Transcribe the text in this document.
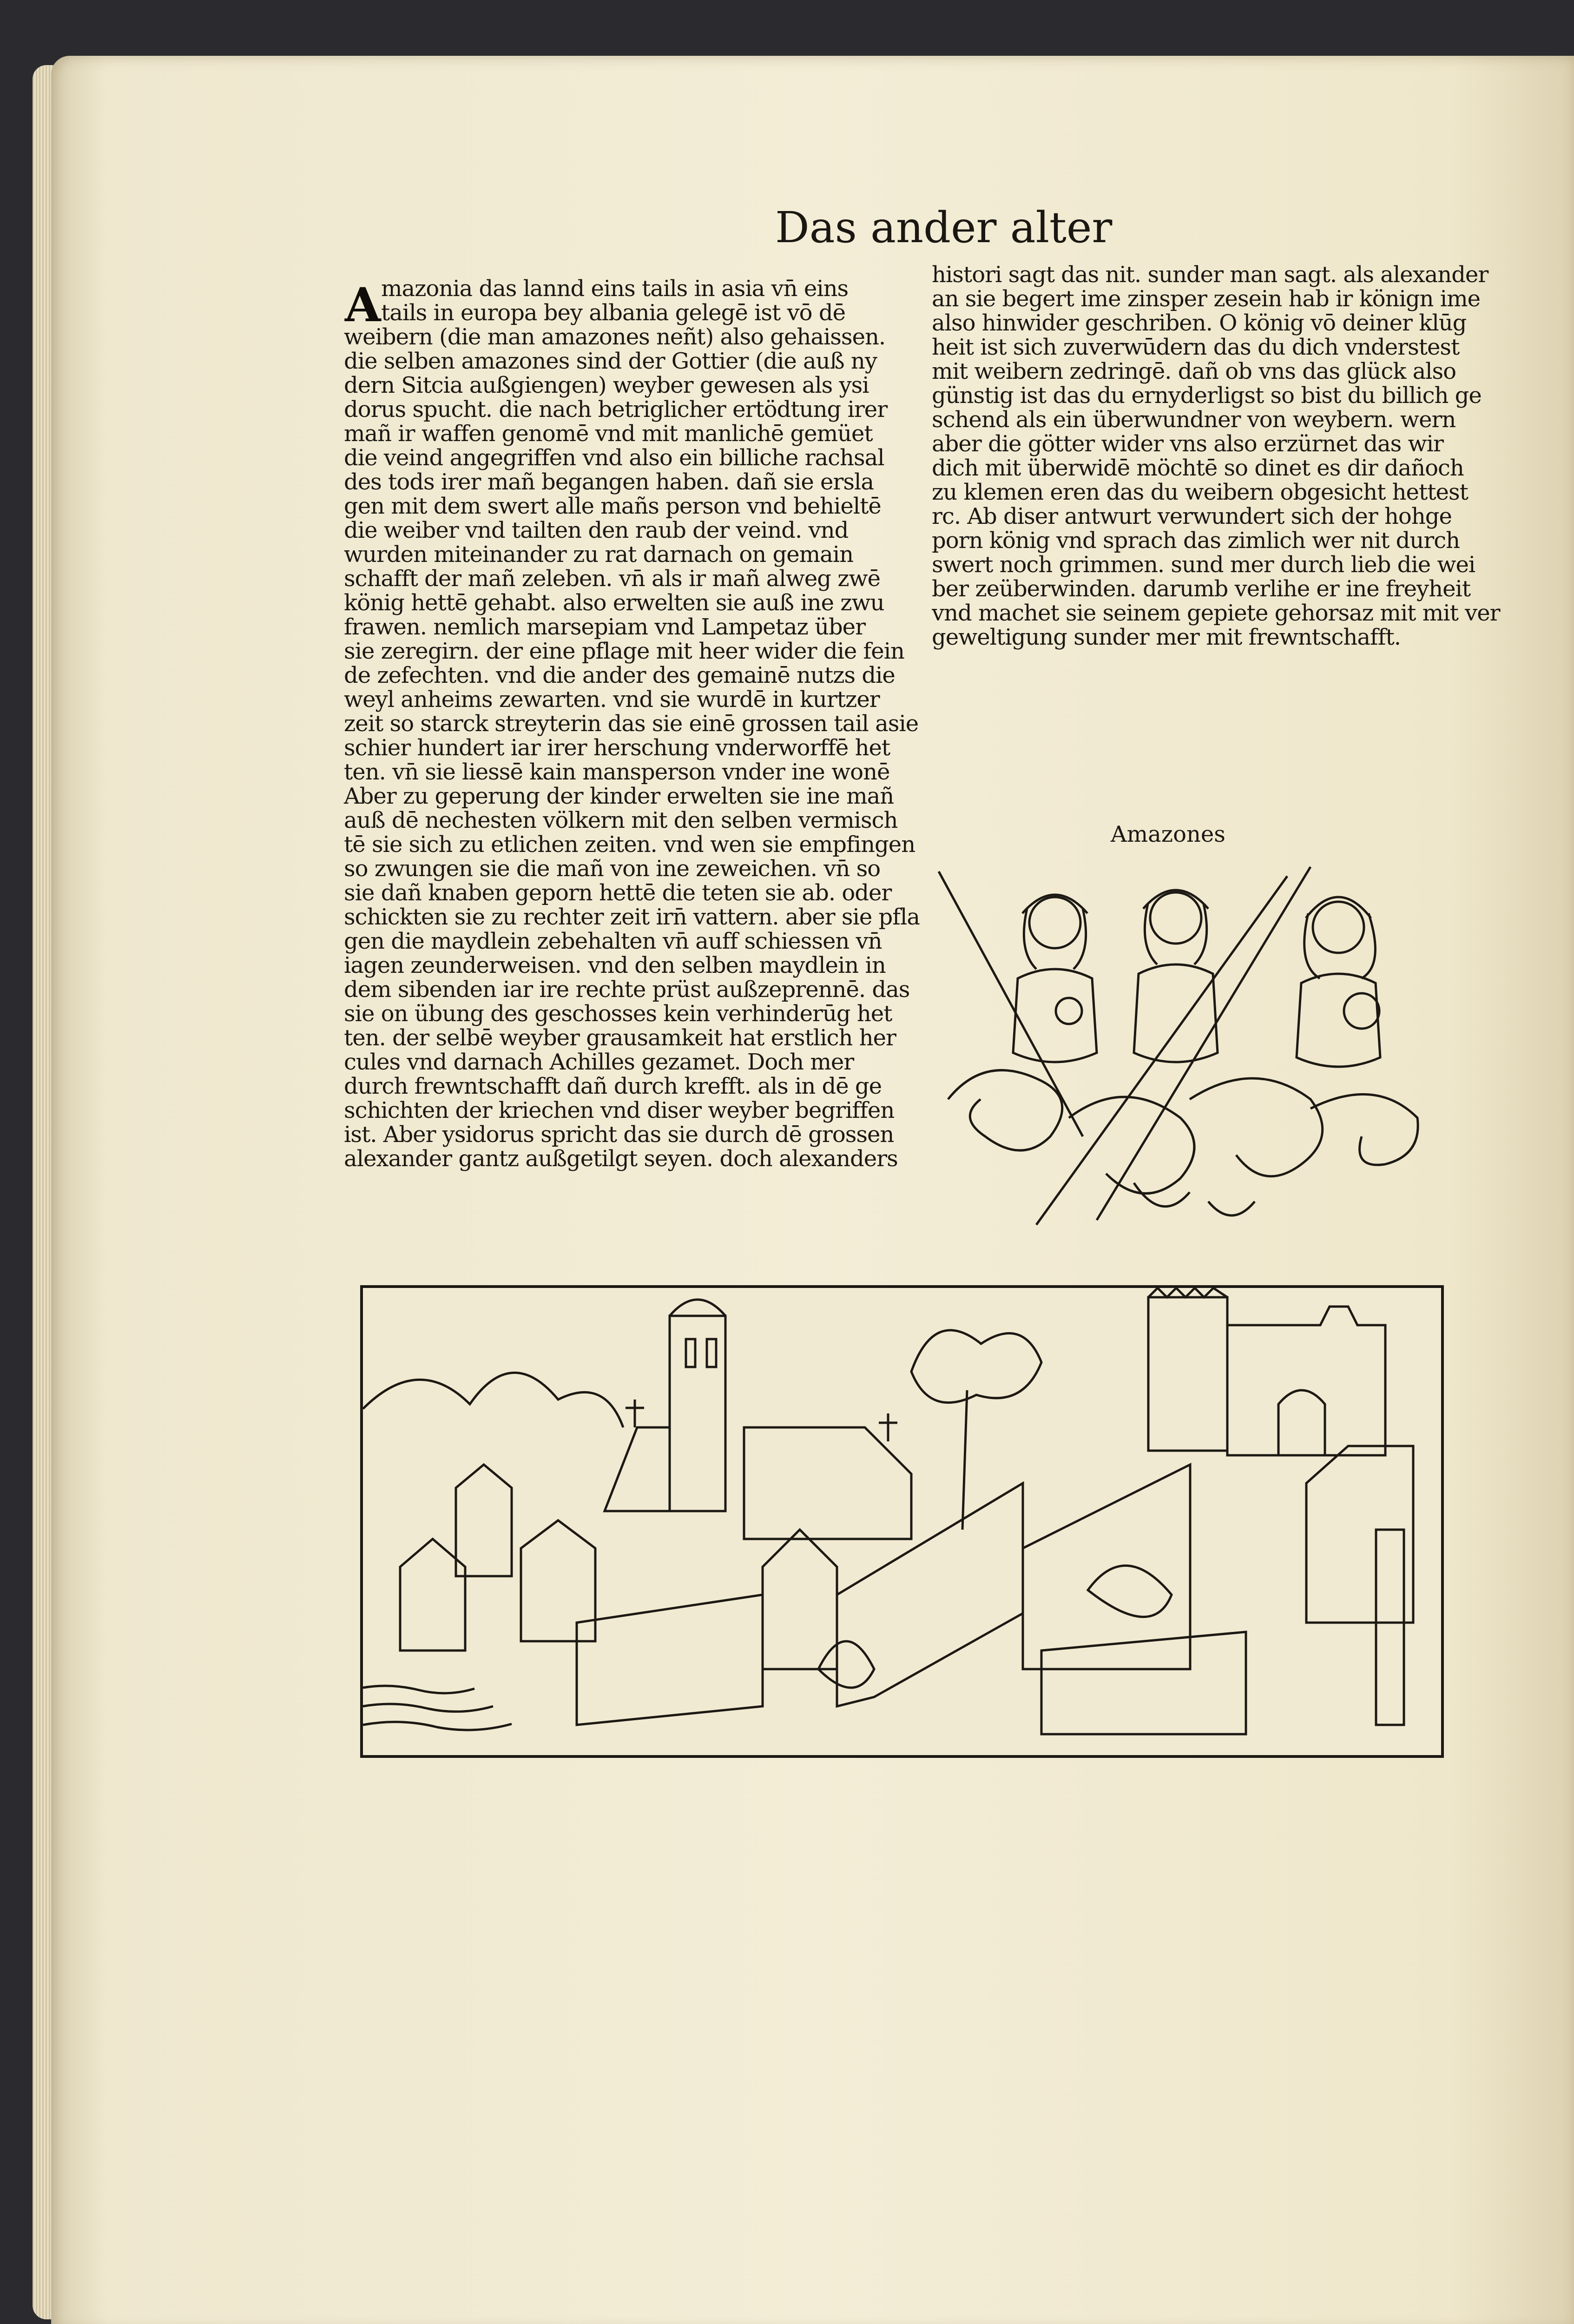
Das ander alter
A mazonia das lannd eins tails in asia vn̄ eins
tails in europa bey albania gelegē ist vō dē
weibern (die man amazones neñt) also gehaissen.
die selben amazones sind der Gottier (die auß ny
dern Sitcia außgiengen) weyber gewesen als ysi
dorus spucht. die nach betriglicher ertödtung irer
mañ ir waffen genomē vnd mit manlichē gemüet
die veind angegriffen vnd also ein billiche rachsal
des tods irer mañ begangen haben. dañ sie ersla
gen mit dem swert alle mañs person vnd behieltē
die weiber vnd tailten den raub der veind. vnd
wurden miteinander zu rat darnach on gemain
schafft der mañ zeleben. vn̄ als ir mañ alweg zwē
könig hettē gehabt. also erwelten sie auß ine zwu
frawen. nemlich marsepiam vnd Lampetaz über
sie zeregirn. der eine pflage mit heer wider die fein
de zefechten. vnd die ander des gemainē nutzs die
weyl anheims zewarten. vnd sie wurdē in kurtzer
zeit so starck streyterin das sie einē grossen tail asie
schier hundert iar irer herschung vnderworffē het
ten. vn̄ sie liessē kain mansperson vnder ine wonē
Aber zu geperung der kinder erwelten sie ine mañ
auß dē nechesten völkern mit den selben vermisch
tē sie sich zu etlichen zeiten. vnd wen sie empfingen
so zwungen sie die mañ von ine zeweichen. vn̄ so
sie dañ knaben geporn hettē die teten sie ab. oder
schickten sie zu rechter zeit irn̄ vattern. aber sie pfla
gen die maydlein zebehalten vn̄ auff schiessen vn̄
iagen zeunderweisen. vnd den selben maydlein in
dem sibenden iar ire rechte prüst außzeprennē. das
sie on übung des geschosses kein verhinderūg het
ten. der selbē weyber grausamkeit hat erstlich her
cules vnd darnach Achilles gezamet. Doch mer
durch frewntschafft dañ durch krefft. als in dē ge
schichten der kriechen vnd diser weyber begriffen
ist. Aber ysidorus spricht das sie durch dē grossen
alexander gantz außgetilgt seyen. doch alexanders
histori sagt das nit. sunder man sagt. als alexander
an sie begert ime zinsper zesein hab ir könign ime
also hinwider geschriben. O könig vō deiner klūg
heit ist sich zuverwūdern das du dich vnderstest
mit weibern zedringē. dañ ob vns das glück also
günstig ist das du ernyderligst so bist du billich ge
schend als ein überwundner von weybern. wern
aber die götter wider vns also erzürnet das wir
dich mit überwidē möchtē so dinet es dir dañoch
zu klemen eren das du weibern obgesicht hettest
rc. Ab diser antwurt verwundert sich der hohge
porn könig vnd sprach das zimlich wer nit durch
swert noch grimmen. sund mer durch lieb die wei
ber zeüberwinden. darumb verlihe er ine freyheit
vnd machet sie seinem gepiete gehorsaz mit mit ver
geweltigung sunder mer mit frewntschafft.
Amazones
